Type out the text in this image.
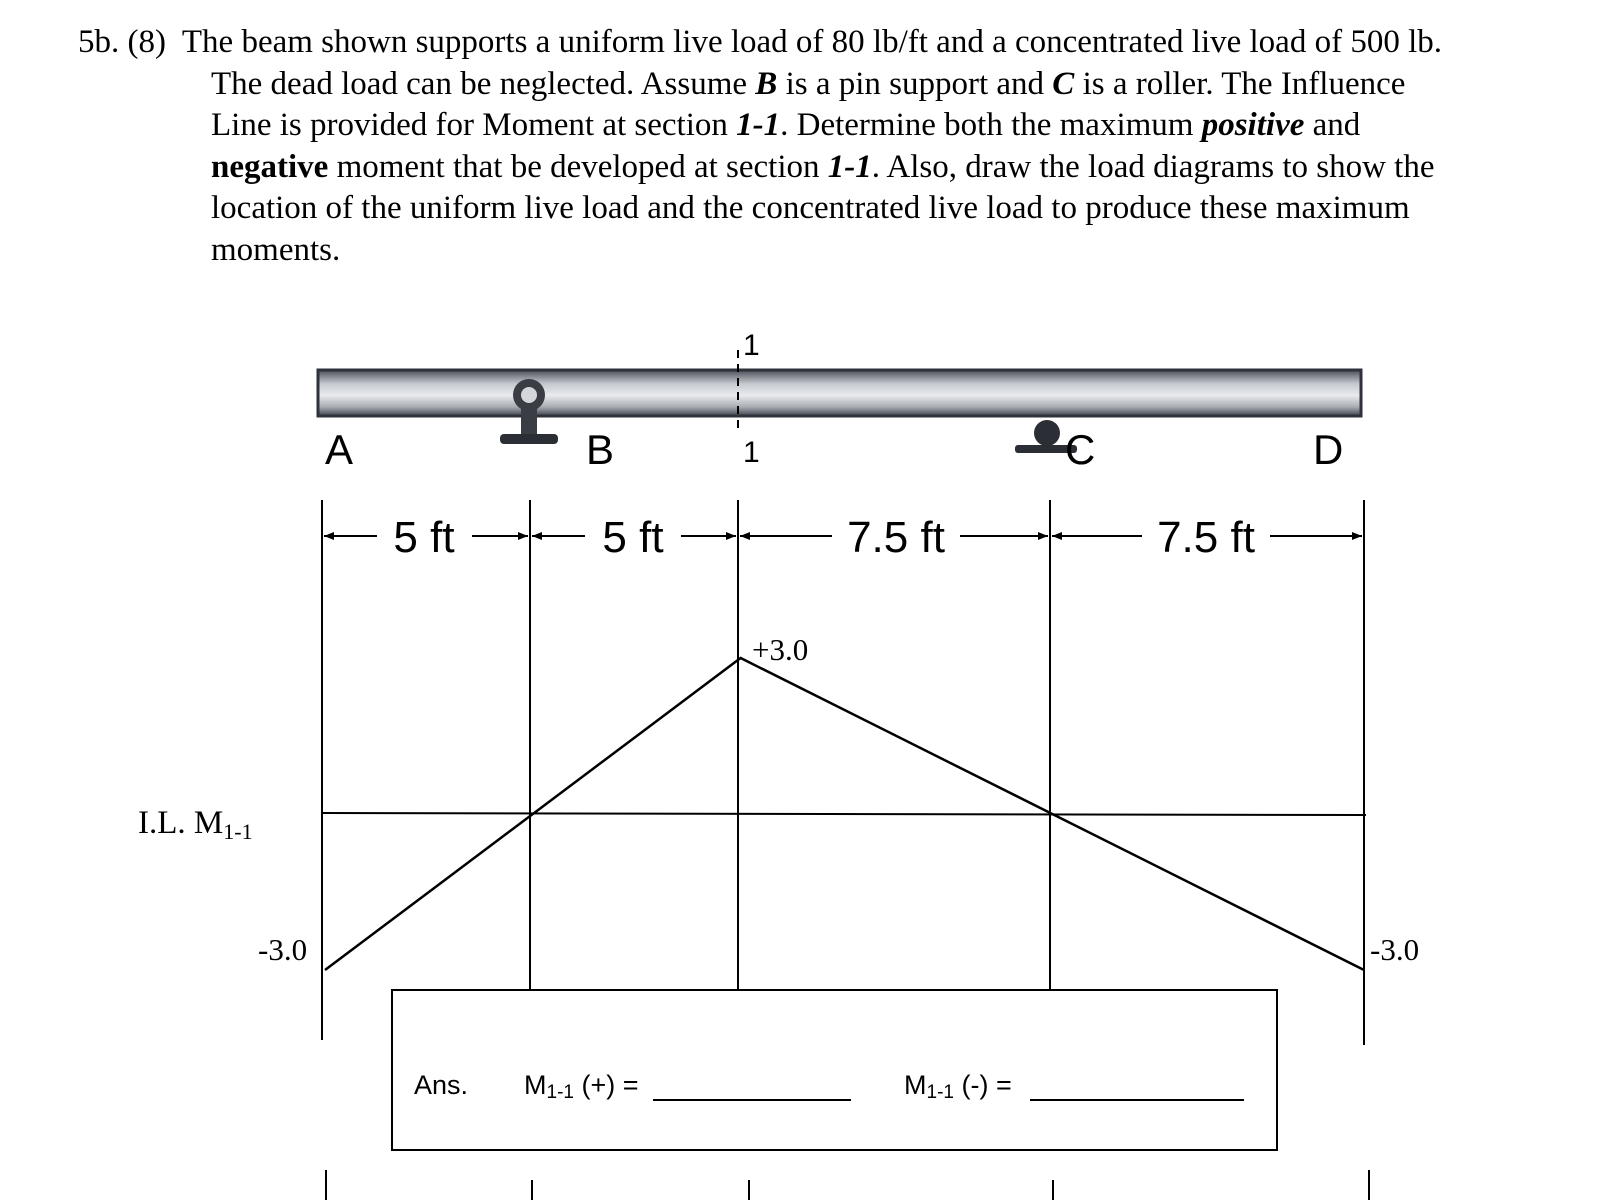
5b. (8) The beam shown supports a uniform live load of 80 lb/ft and a concentrated live load of 500 lb.
The dead load can be neglected. Assume B is a pin support and C is a roller. The Influence
Line is provided for Moment at section 1-1. Determine both the maximum positive and
negative moment that be developed at section 1-1. Also, draw the load diagrams to show the
location of the uniform live load and the concentrated live load to produce these maximum
moments.
1
1
A	B	C	D
5 ft	5 ft	7.5 ft	7.5 ft
+3.0
-3.0	-3.0
I.L. M1-1
Ans. M1-1 (+) =	M1-1 (-) =
